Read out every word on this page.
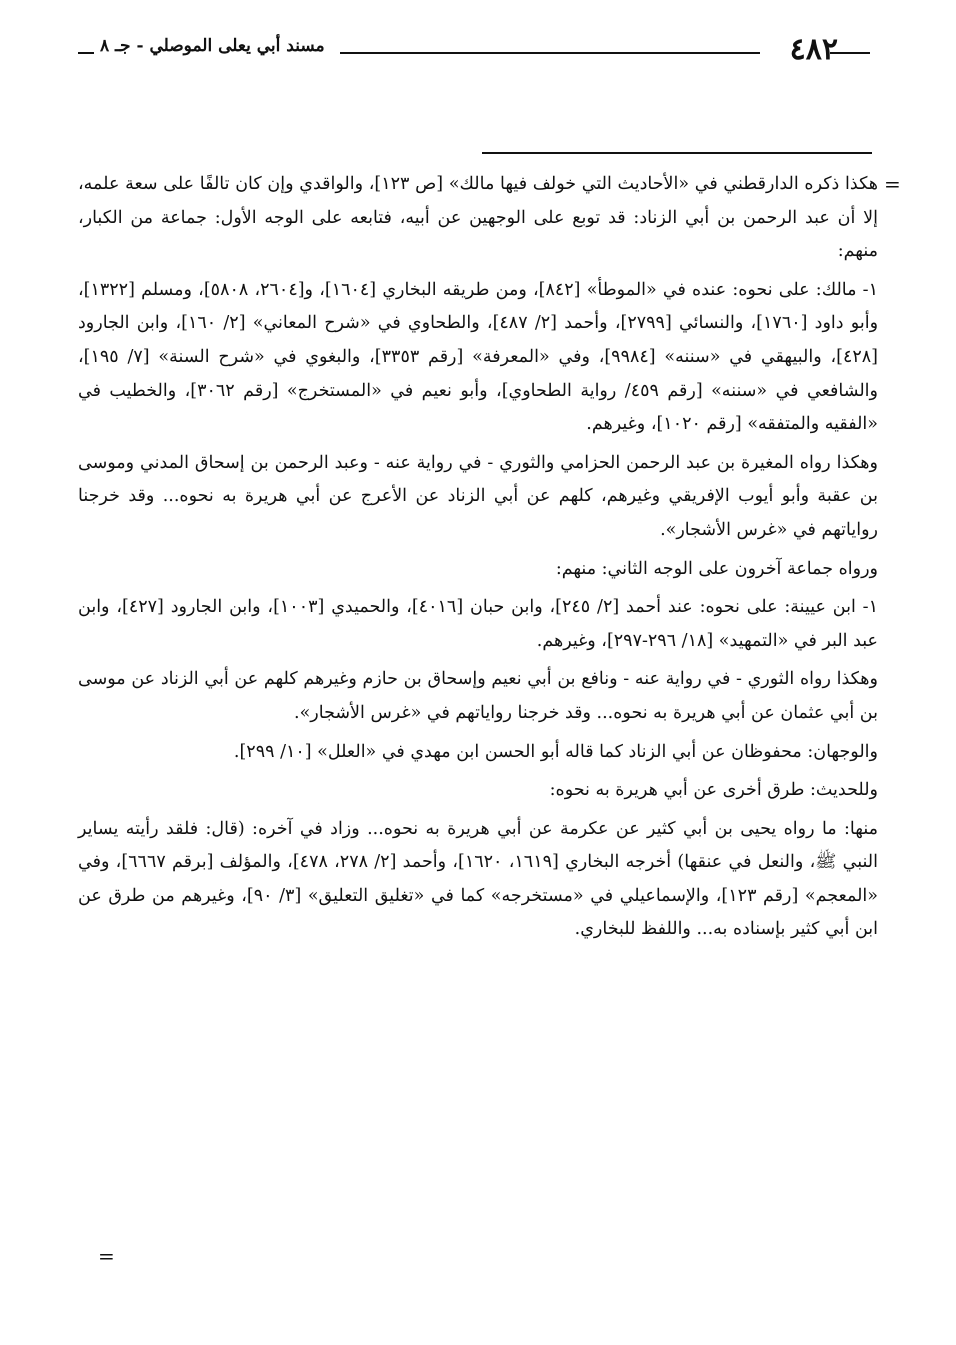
٤٨٢
مسند أبي يعلى الموصلي - جـ ٨
=

هكذا ذكره الدارقطني في «الأحاديث التي خولف فيها مالك» [ص ١٢٣]، والواقدي وإن كان تالفًا على سعة علمه، إلا أن عبد الرحمن بن أبي الزناد: قد توبع على الوجهين عن أبيه، فتابعه على الوجه الأول: جماعة من الكبار، منهم:

١- مالك: على نحوه: عنده في «الموطأ» [٨٤٢]، ومن طريقه البخاري [١٦٠٤]، و[٢٦٠٤، ٥٨٠٨]، ومسلم [١٣٢٢]، وأبو داود [١٧٦٠]، والنسائي [٢٧٩٩]، وأحمد [٢/ ٤٨٧]، والطحاوي في «شرح المعاني» [٢/ ١٦٠]، وابن الجارود [٤٢٨]، والبيهقي في «سننه» [٩٩٨٤]، وفي «المعرفة» [رقم ٣٣٥٣]، والبغوي في «شرح السنة» [٧/ ١٩٥]، والشافعي في «سننه» [رقم ٤٥٩/ رواية الطحاوي]، وأبو نعيم في «المستخرج» [رقم ٣٠٦٢]، والخطيب في «الفقيه والمتفقه» [رقم ١٠٢٠]، وغيرهم.

وهكذا رواه المغيرة بن عبد الرحمن الحزامي والثوري - في رواية عنه - وعبد الرحمن بن إسحاق المدني وموسى بن عقبة وأبو أيوب الإفريقي وغيرهم، كلهم عن أبي الزناد عن الأعرج عن أبي هريرة به نحوه... وقد خرجنا رواياتهم في «غرس الأشجار».

ورواه جماعة آخرون على الوجه الثاني: منهم:

١- ابن عيينة: على نحوه: عند أحمد [٢/ ٢٤٥]، وابن حبان [٤٠١٦]، والحميدي [١٠٠٣]، وابن الجارود [٤٢٧]، وابن عبد البر في «التمهيد» [١٨/ ٢٩٦-٢٩٧]، وغيرهم.

وهكذا رواه الثوري - في رواية عنه - ونافع بن أبي نعيم وإسحاق بن حازم وغيرهم كلهم عن أبي الزناد عن موسى بن أبي عثمان عن أبي هريرة به نحوه... وقد خرجنا رواياتهم في «غرس الأشجار».

والوجهان: محفوظان عن أبي الزناد كما قاله أبو الحسن ابن مهدي في «العلل» [١٠/ ٢٩٩].

وللحديث: طرق أخرى عن أبي هريرة به نحوه:

منها: ما رواه يحيى بن أبي كثير عن عكرمة عن أبي هريرة به نحوه... وزاد في آخره: (قال: فلقد رأيته يساير النبي ﷺ، والنعل في عنقها) أخرجه البخاري [١٦١٩، ١٦٢٠]، وأحمد [٢/ ٢٧٨، ٤٧٨]، والمؤلف [برقم ٦٦٦٧]، وفي «المعجم» [رقم ١٢٣]، والإسماعيلي في «مستخرجه» كما في «تغليق التعليق» [٣/ ٩٠]، وغيرهم من طرق عن ابن أبي كثير بإسناده به... واللفظ للبخاري.

=
